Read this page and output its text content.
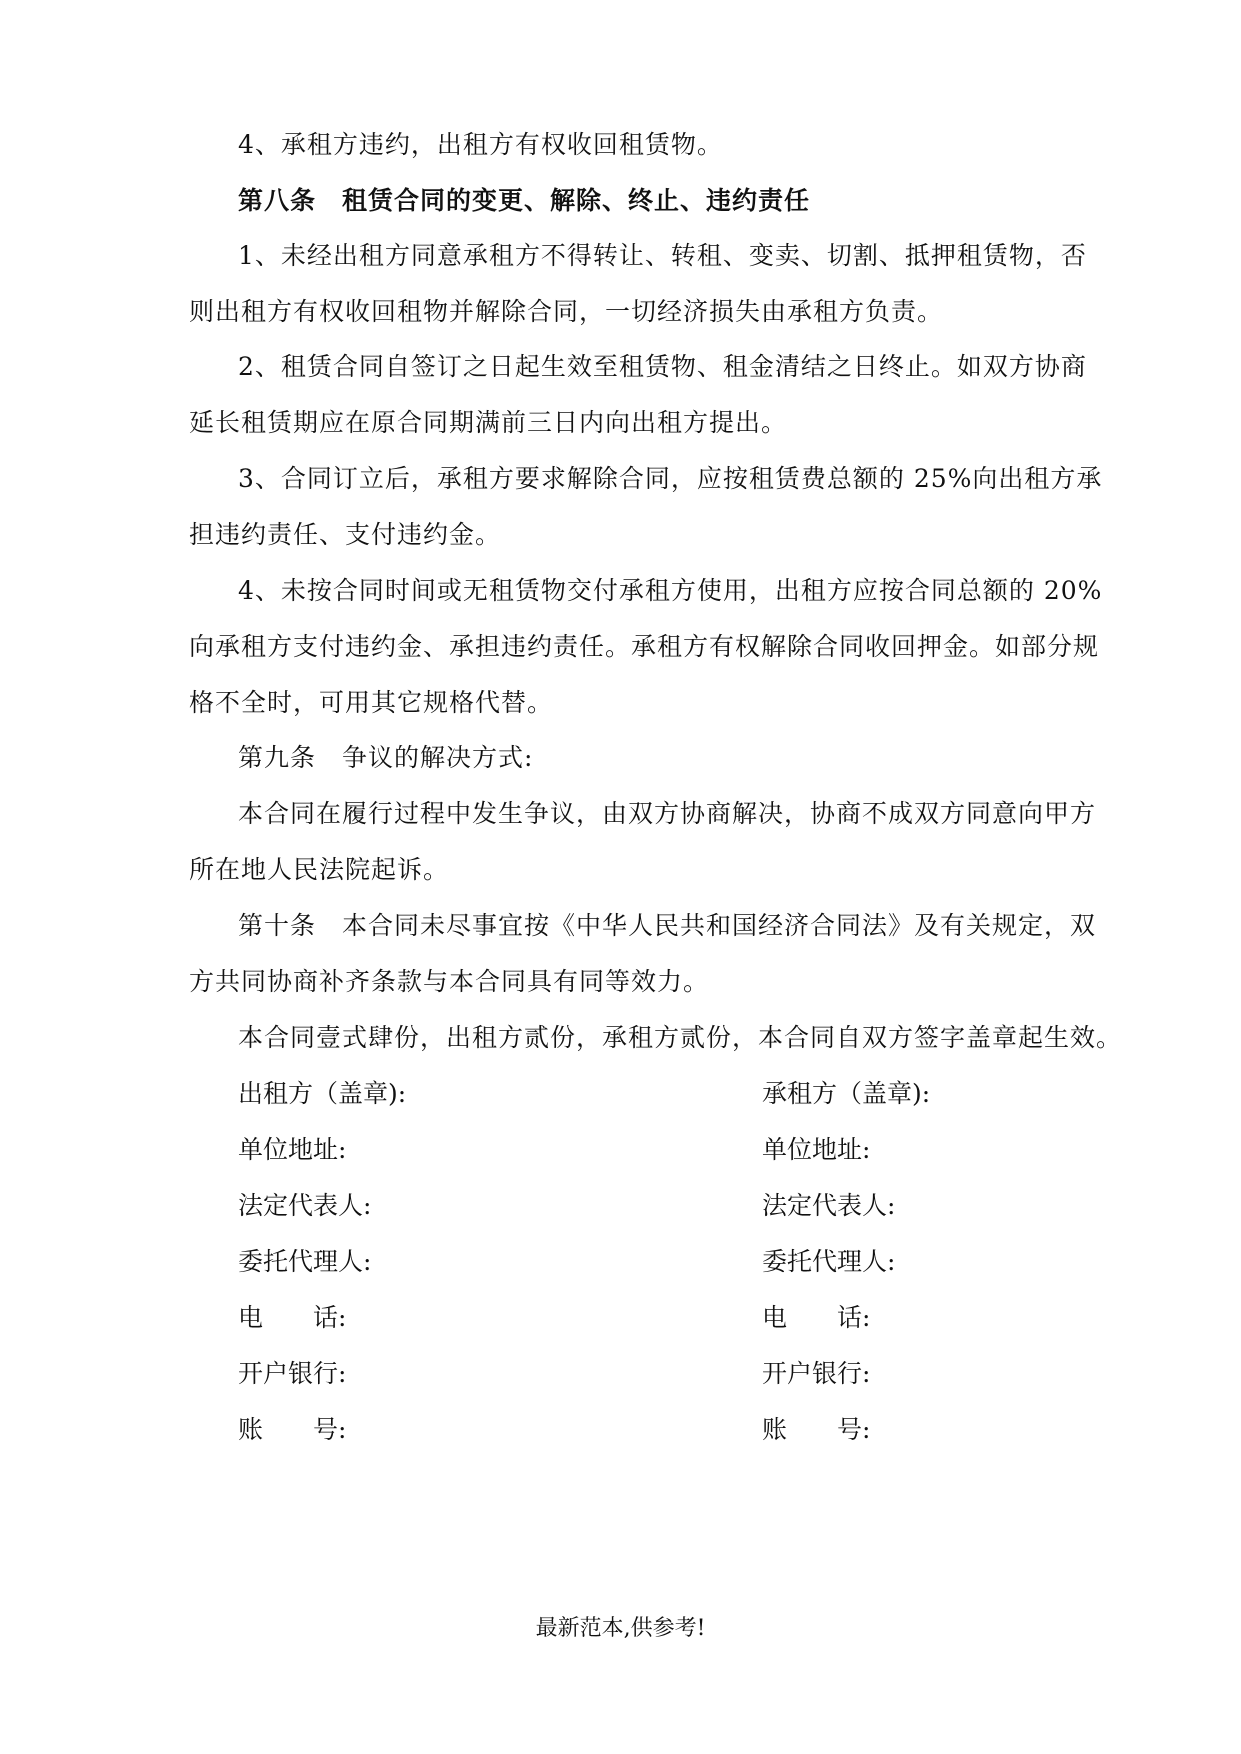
4、承租方违约，出租方有权收回租赁物。
第八条　租赁合同的变更、解除、终止、违约责任
1、未经出租方同意承租方不得转让、转租、变卖、切割、抵押租赁物，否
则出租方有权收回租物并解除合同，一切经济损失由承租方负责。
2、租赁合同自签订之日起生效至租赁物、租金清结之日终止。如双方协商
延长租赁期应在原合同期满前三日内向出租方提出。
3、合同订立后，承租方要求解除合同，应按租赁费总额的 25%向出租方承
担违约责任、支付违约金。
4、未按合同时间或无租赁物交付承租方使用，出租方应按合同总额的 20%
向承租方支付违约金、承担违约责任。承租方有权解除合同收回押金。如部分规
格不全时，可用其它规格代替。
第九条　争议的解决方式:
本合同在履行过程中发生争议，由双方协商解决，协商不成双方同意向甲方
所在地人民法院起诉。
第十条　本合同未尽事宜按《中华人民共和国经济合同法》及有关规定，双
方共同协商补齐条款与本合同具有同等效力。
本合同壹式肆份，出租方贰份，承租方贰份，本合同自双方签字盖章起生效。
出租方（盖章):	承租方（盖章):
单位地址:	单位地址:
法定代表人:	法定代表人:
委托代理人:	委托代理人:
电　　话:	电　　话:
开户银行:	开户银行:
账　　号:	账　　号:
最新范本,供参考!
